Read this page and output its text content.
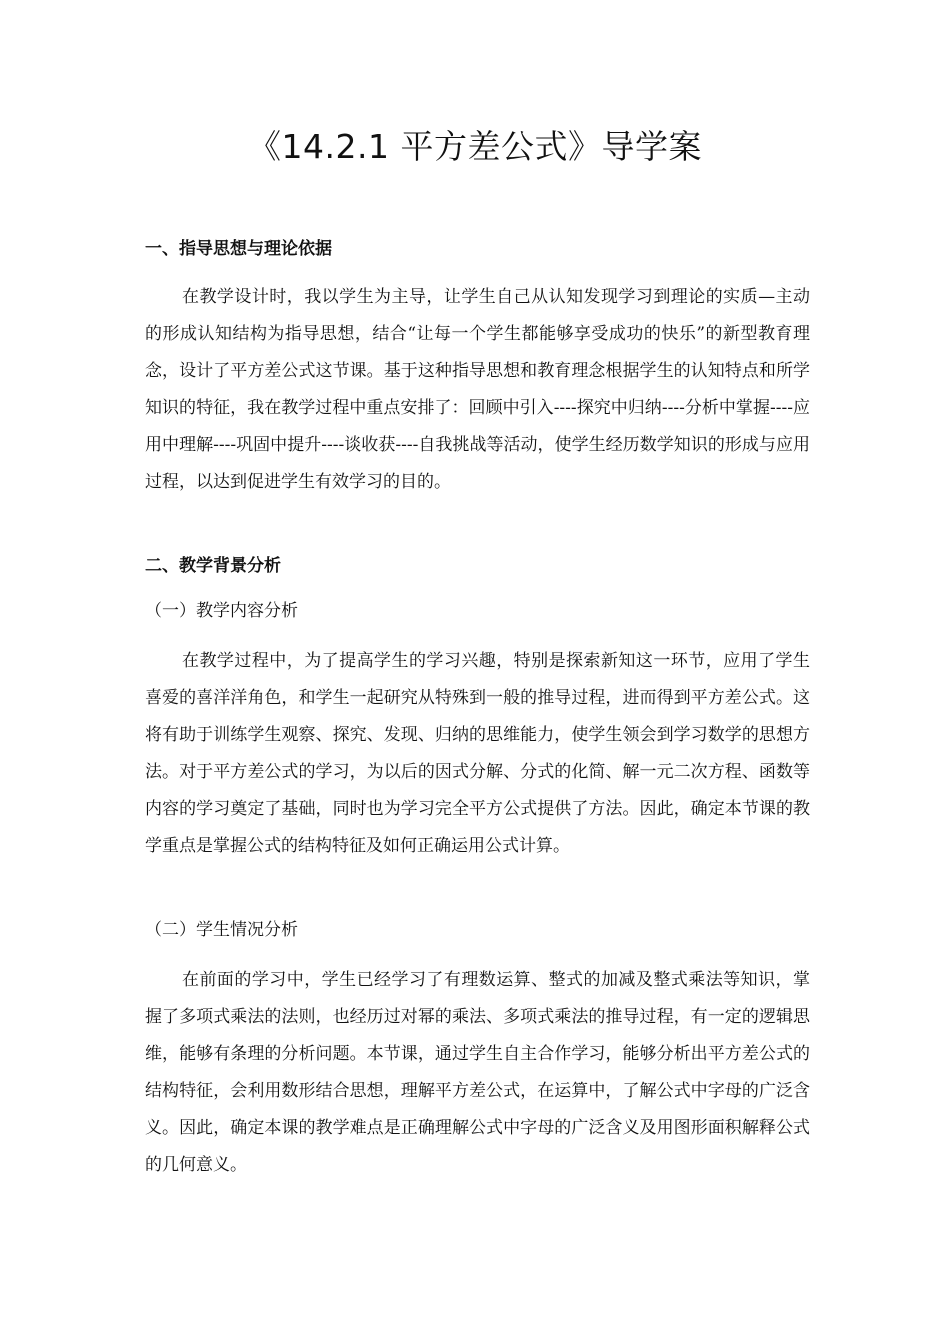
《14.2.1 平方差公式》导学案
一、指导思想与理论依据
在教学设计时，我以学生为主导，让学生自己从认知发现学习到理论的实质—主动的形成认知结构为指导思想，结合“让每一个学生都能够享受成功的快乐”的新型教育理念，设计了平方差公式这节课。基于这种指导思想和教育理念根据学生的认知特点和所学知识的特征，我在教学过程中重点安排了：回顾中引入----探究中归纳----分析中掌握----应用中理解----巩固中提升----谈收获----自我挑战等活动，使学生经历数学知识的形成与应用过程，以达到促进学生有效学习的目的。
二、教学背景分析
（一）教学内容分析
在教学过程中，为了提高学生的学习兴趣，特别是探索新知这一环节，应用了学生喜爱的喜洋洋角色，和学生一起研究从特殊到一般的推导过程，进而得到平方差公式。这将有助于训练学生观察、探究、发现、归纳的思维能力，使学生领会到学习数学的思想方法。对于平方差公式的学习，为以后的因式分解、分式的化简、解一元二次方程、函数等内容的学习奠定了基础，同时也为学习完全平方公式提供了方法。因此，确定本节课的教学重点是掌握公式的结构特征及如何正确运用公式计算。
（二）学生情况分析
在前面的学习中，学生已经学习了有理数运算、整式的加减及整式乘法等知识，掌握了多项式乘法的法则，也经历过对幂的乘法、多项式乘法的推导过程，有一定的逻辑思维，能够有条理的分析问题。本节课，通过学生自主合作学习，能够分析出平方差公式的结构特征，会利用数形结合思想，理解平方差公式，在运算中，了解公式中字母的广泛含义。因此，确定本课的教学难点是正确理解公式中字母的广泛含义及用图形面积解释公式的几何意义。
